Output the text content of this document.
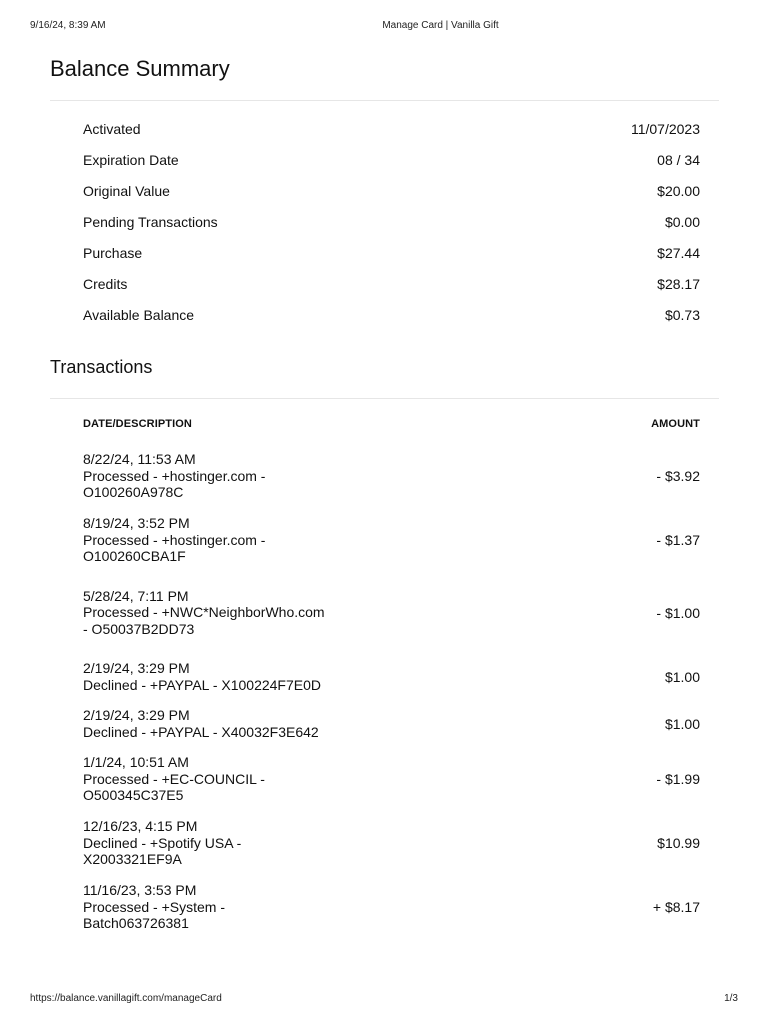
9/16/24, 8:39 AM	Manage Card | Vanilla Gift
Balance Summary
Activated	11/07/2023
Expiration Date	08 / 34
Original Value	$20.00
Pending Transactions	$0.00
Purchase	$27.44
Credits	$28.17
Available Balance	$0.73
Transactions
DATE/DESCRIPTION	AMOUNT
8/22/24, 11:53 AM
Processed - +hostinger.com - O100260A978C
- $3.92
8/19/24, 3:52 PM
Processed - +hostinger.com - O100260CBA1F
- $1.37
5/28/24, 7:11 PM
Processed - +NWC*NeighborWho.com - O50037B2DD73
- $1.00
2/19/24, 3:29 PM
Declined - +PAYPAL - X100224F7E0D
$1.00
2/19/24, 3:29 PM
Declined - +PAYPAL - X40032F3E642
$1.00
1/1/24, 10:51 AM
Processed - +EC-COUNCIL - O500345C37E5
- $1.99
12/16/23, 4:15 PM
Declined - +Spotify USA - X2003321EF9A
$10.99
11/16/23, 3:53 PM
Processed - +System - Batch063726381
+ $8.17
https://balance.vanillagift.com/manageCard	1/3
